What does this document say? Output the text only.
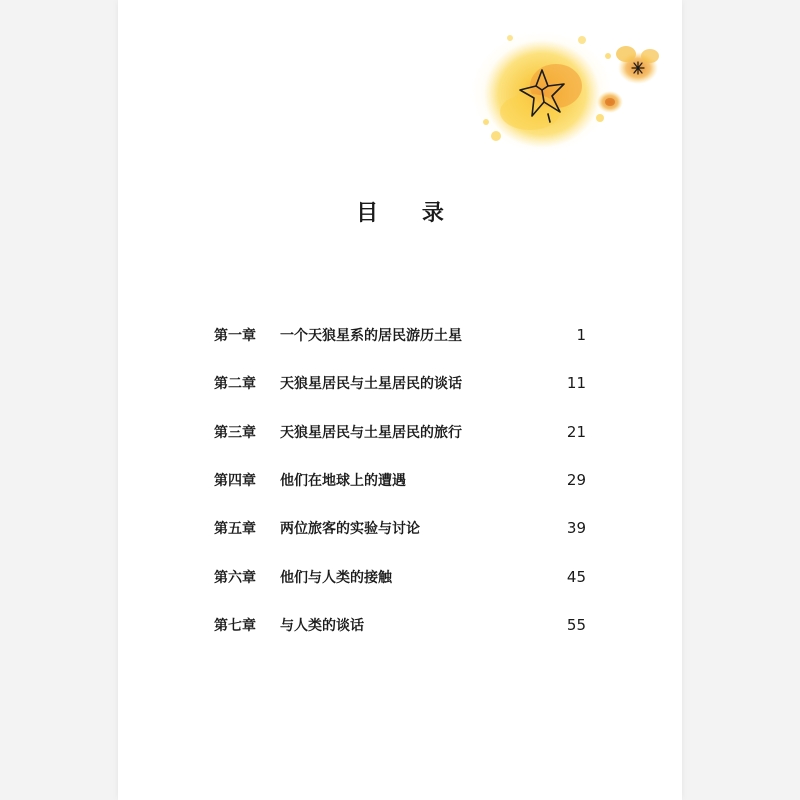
目 录
第一章	一个天狼星系的居民游历土星	1
第二章	天狼星居民与土星居民的谈话	11
第三章	天狼星居民与土星居民的旅行	21
第四章	他们在地球上的遭遇	29
第五章	两位旅客的实验与讨论	39
第六章	他们与人类的接触	45
第七章	与人类的谈话	55
